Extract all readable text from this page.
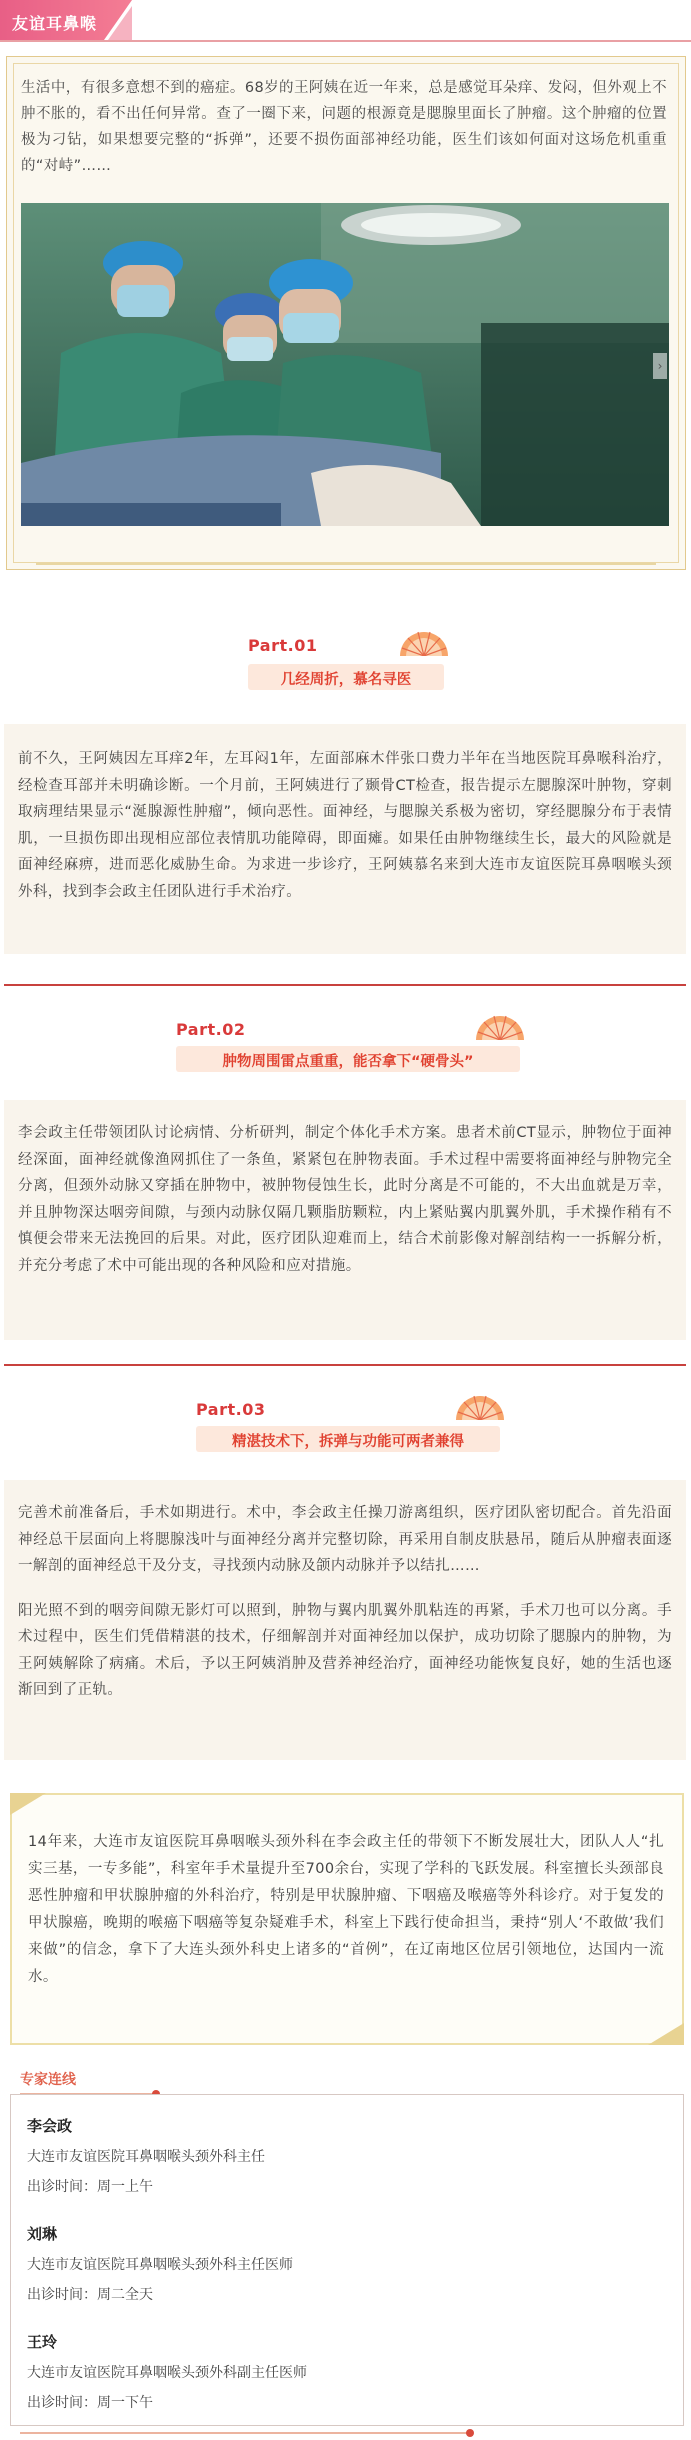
友谊耳鼻喉

生活中，有很多意想不到的癌症。68岁的王阿姨在近一年来，总是感觉耳朵痒、发闷，但外观上不肿不胀的，看不出任何异常。查了一圈下来，问题的根源竟是腮腺里面长了肿瘤。这个肿瘤的位置极为刁钻，如果想要完整的“拆弹”，还要不损伤面部神经功能，医生们该如何面对这场危机重重的“对峙”……

›
Part.01
几经周折，慕名寻医

前不久，王阿姨因左耳痒2年，左耳闷1年，左面部麻木伴张口费力半年在当地医院耳鼻喉科治疗，经检查耳部并未明确诊断。一个月前，王阿姨进行了颞骨CT检查，报告提示左腮腺深叶肿物，穿刺取病理结果显示“涎腺源性肿瘤”，倾向恶性。面神经，与腮腺关系极为密切，穿经腮腺分布于表情肌，一旦损伤即出现相应部位表情肌功能障碍，即面瘫。如果任由肿物继续生长，最大的风险就是面神经麻痹，进而恶化威胁生命。为求进一步诊疗，王阿姨慕名来到大连市友谊医院耳鼻咽喉头颈外科，找到李会政主任团队进行手术治疗。

Part.02
肿物周围雷点重重，能否拿下“硬骨头”

李会政主任带领团队讨论病情、分析研判，制定个体化手术方案。患者术前CT显示，肿物位于面神经深面，面神经就像渔网抓住了一条鱼，紧紧包在肿物表面。手术过程中需要将面神经与肿物完全分离，但颈外动脉又穿插在肿物中，被肿物侵蚀生长，此时分离是不可能的，不大出血就是万幸，并且肿物深达咽旁间隙，与颈内动脉仅隔几颗脂肪颗粒，内上紧贴翼内肌翼外肌，手术操作稍有不慎便会带来无法挽回的后果。对此，医疗团队迎难而上，结合术前影像对解剖结构一一拆解分析，并充分考虑了术中可能出现的各种风险和应对措施。

Part.03
精湛技术下，拆弹与功能可两者兼得

完善术前准备后，手术如期进行。术中，李会政主任操刀游离组织，医疗团队密切配合。首先沿面神经总干层面向上将腮腺浅叶与面神经分离并完整切除，再采用自制皮肤悬吊，随后从肿瘤表面逐一解剖的面神经总干及分支，寻找颈内动脉及颌内动脉并予以结扎……

阳光照不到的咽旁间隙无影灯可以照到，肿物与翼内肌翼外肌粘连的再紧，手术刀也可以分离。手术过程中，医生们凭借精湛的技术，仔细解剖并对面神经加以保护，成功切除了腮腺内的肿物，为王阿姨解除了病痛。术后，予以王阿姨消肿及营养神经治疗，面神经功能恢复良好，她的生活也逐渐回到了正轨。

14年来，大连市友谊医院耳鼻咽喉头颈外科在李会政主任的带领下不断发展壮大，团队人人“扎实三基，一专多能”，科室年手术量提升至700余台，实现了学科的飞跃发展。科室擅长头颈部良恶性肿瘤和甲状腺肿瘤的外科治疗，特别是甲状腺肿瘤、下咽癌及喉癌等外科诊疗。对于复发的甲状腺癌，晚期的喉癌下咽癌等复杂疑难手术，科室上下践行使命担当，秉持“别人‘不敢做’我们来做”的信念，拿下了大连头颈外科史上诸多的“首例”，在辽南地区位居引领地位，达国内一流水。

专家连线

李会政

大连市友谊医院耳鼻咽喉头颈外科主任

出诊时间：周一上午

刘琳

大连市友谊医院耳鼻咽喉头颈外科主任医师

出诊时间：周二全天

王玲

大连市友谊医院耳鼻咽喉头颈外科副主任医师

出诊时间：周一下午
